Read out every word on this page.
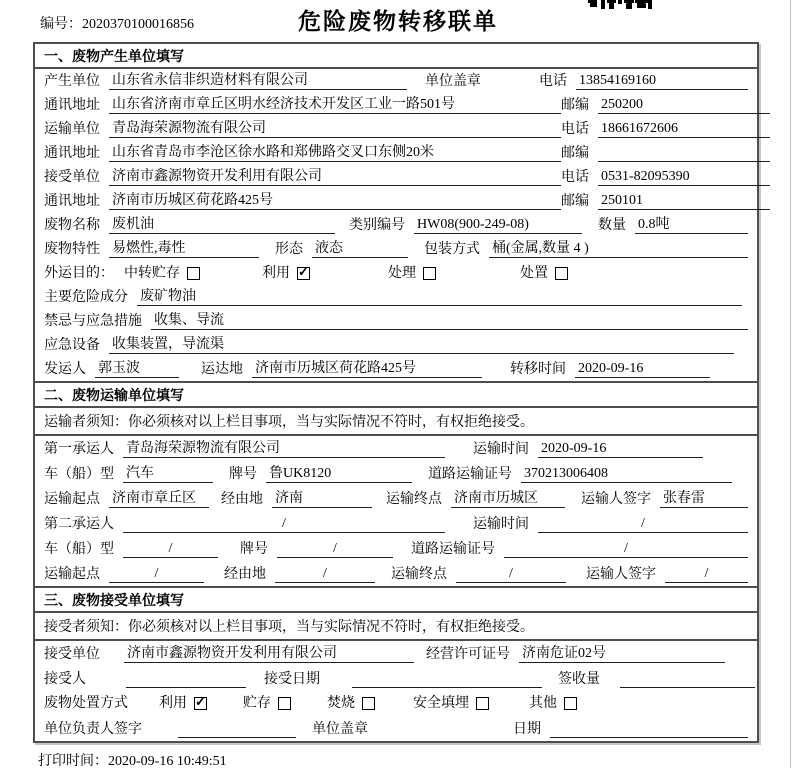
编号：2020370100016856	危险废物转移联单
一、废物产生单位填写
产生单位 山东省永信非织造材料有限公司	单位盖章	电话 13854169160
通讯地址 山东省济南市章丘区明水经济技术开发区工业一路501号	邮编 250200
运输单位 青岛海荣源物流有限公司	电话 18661672606
通讯地址 山东省青岛市李沧区徐水路和郑佛路交叉口东侧20米	邮编
接受单位 济南市鑫源物资开发利用有限公司	电话 0531-82095390
通讯地址 济南市历城区荷花路425号	邮编 250101
废物名称 废机油	类别编号 HW08(900-249-08)	数量 0.8吨
废物特性 易燃性,毒性	形态 液态	包装方式 桶(金属,数量 4 )
外运目的： 中转贮存	利用 ✓	处理	处置
主要危险成分 废矿物油
禁忌与应急措施 收集、导流
应急设备 收集装置，导流渠
发运人 郭玉波	运达地 济南市历城区荷花路425号	转移时间 2020-09-16
二、废物运输单位填写
运输者须知：你必须核对以上栏目事项，当与实际情况不符时，有权拒绝接受。
第一承运人 青岛海荣源物流有限公司	运输时间 2020-09-16
车（船）型 汽车	牌号 鲁UK8120	道路运输证号 370213006408
运输起点 济南市章丘区	经由地 济南	运输终点 济南市历城区	运输人签字 张春雷
第二承运人	/	运输时间	/
车（船）型	/	牌号	/	道路运输证号	/
运输起点	/	经由地	/	运输终点	/	运输人签字	/
三、废物接受单位填写
接受者须知：你必须核对以上栏目事项，当与实际情况不符时，有权拒绝接受。
接受单位	济南市鑫源物资开发利用有限公司	经营许可证号 济南危证02号
接受人	接受日期	签收量
废物处置方式	利用 ✓	贮存	焚烧	安全填埋	其他
单位负责人签字	单位盖章	日期
打印时间：2020-09-16 10:49:51
